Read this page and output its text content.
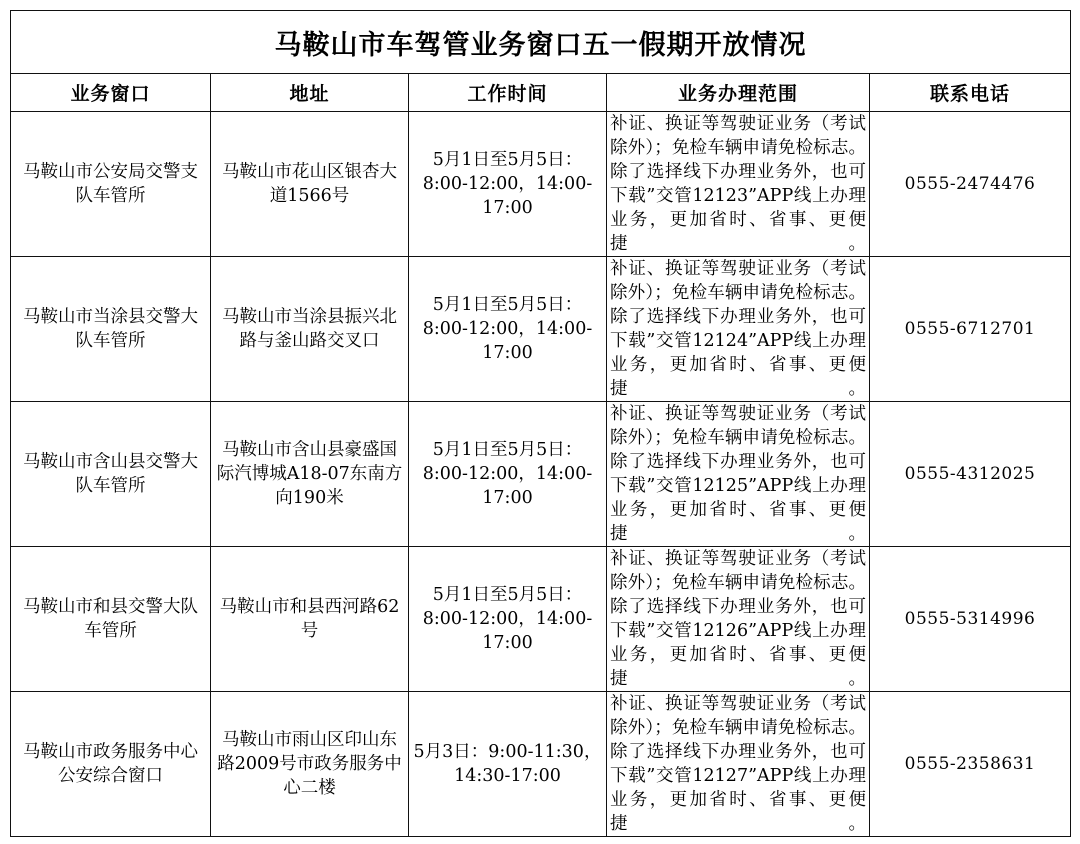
马鞍山市车驾管业务窗口五一假期开放情况				
业务窗口	地址	工作时间	业务办理范围	联系电话
马鞍山市公安局交警支队车管所	马鞍山市花山区银杏大道1566号	5月1日至5月5日：8:00-12:00，14:00-17:00	补证、换证等驾驶证业务（考试除外）；免检车辆申请免检标志。除了选择线下办理业务外，也可下载”交管12123”APP线上办理业务，更加省时、省事、更便捷。	0555-2474476
马鞍山市当涂县交警大队车管所	马鞍山市当涂县振兴北路与釜山路交叉口	5月1日至5月5日：8:00-12:00，14:00-17:00	补证、换证等驾驶证业务（考试除外）；免检车辆申请免检标志。除了选择线下办理业务外，也可下载”交管12124”APP线上办理业务，更加省时、省事、更便捷。	0555-6712701
马鞍山市含山县交警大队车管所	马鞍山市含山县豪盛国际汽博城A18-07东南方向190米	5月1日至5月5日：8:00-12:00，14:00-17:00	补证、换证等驾驶证业务（考试除外）；免检车辆申请免检标志。除了选择线下办理业务外，也可下载”交管12125”APP线上办理业务，更加省时、省事、更便捷。	0555-4312025
马鞍山市和县交警大队车管所	马鞍山市和县西河路62号	5月1日至5月5日：8:00-12:00，14:00-17:00	补证、换证等驾驶证业务（考试除外）；免检车辆申请免检标志。除了选择线下办理业务外，也可下载”交管12126”APP线上办理业务，更加省时、省事、更便捷。	0555-5314996
马鞍山市政务服务中心公安综合窗口	马鞍山市雨山区印山东路2009号市政务服务中心二楼	5月3日：9:00-11:30，14:30-17:00	补证、换证等驾驶证业务（考试除外）；免检车辆申请免检标志。除了选择线下办理业务外，也可下载”交管12127”APP线上办理业务，更加省时、省事、更便捷。	0555-2358631
